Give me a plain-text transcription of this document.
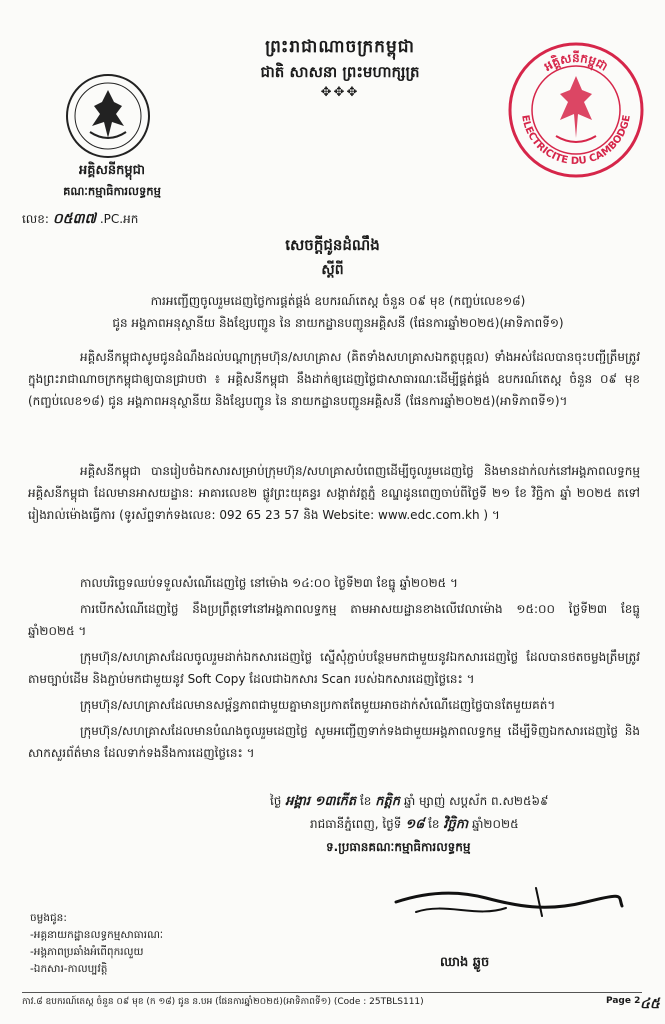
ព្រះរាជាណាចក្រកម្ពុជា
ជាតិ សាសនា ព្រះមហាក្សត្រ
✥✥✥
អគ្គិសនីកម្ពុជា
គណៈកម្មាធិការលទ្ធកម្ម
លេខ: ០៥៣៧ .PC.អក
អគ្គិសនីកម្ពុជា
ELECTRICITE DU CAMBODGE
សេចក្តីជូនដំណឹង
ស្តីពី
ការអញ្ជើញចូលរួមដេញថ្លៃការផ្គត់ផ្គង់ ឧបករណ៍តេស្ត ចំនួន ០៩ មុខ (កញ្ចប់លេខ១៨)
ជូន អង្គភាពអនុស្ថានីយ និងខ្សែបញ្ជូន នៃ នាយកដ្ឋានបញ្ជូនអគ្គិសនី (ផែនការឆ្នាំ២០២៥)(អាទិភាពទី១)
អគ្គិសនីកម្ពុជាសូមជូនដំណឹងដល់បណ្តាក្រុមហ៊ុន/សហគ្រាស (គិតទាំងសហគ្រាសឯកត្តបុគ្គល) ទាំងអស់ដែលបានចុះបញ្ជីត្រឹមត្រូវក្នុងព្រះរាជាណាចក្រកម្ពុជាឲ្យបានជ្រាបថា ៖ អគ្គិសនីកម្ពុជា នឹងដាក់ឲ្យដេញថ្លៃជាសាធារណៈដើម្បីផ្គត់ផ្គង់ ឧបករណ៍តេស្ត ចំនួន ០៩ មុខ (កញ្ចប់លេខ១៨) ជូន អង្គភាពអនុស្ថានីយ និងខ្សែបញ្ជូន នៃ នាយកដ្ឋានបញ្ជូនអគ្គិសនី (ផែនការឆ្នាំ២០២៥)(អាទិភាពទី១)។
អគ្គិសនីកម្ពុជា បានរៀបចំឯកសារសម្រាប់ក្រុមហ៊ុន/សហគ្រាសបំពេញដើម្បីចូលរួមដេញថ្លៃ និងមានដាក់លក់នៅអង្គភាពលទ្ធកម្មអគ្គិសនីកម្ពុជា ដែលមានអាសយដ្ឋាន: អាគារលេខ២ ផ្លូវព្រះយុគន្ធរ សង្កាត់វត្តភ្នំ ខណ្ឌដូនពេញចាប់ពីថ្ងៃទី ២១ ខែ វិច្ឆិកា ឆ្នាំ ២០២៥ តទៅរៀងរាល់ម៉ោងធ្វើការ (ទូរស័ព្ទទាក់ទងលេខ: 092 65 23 57 និង Website: www.edc.com.kh ) ។
កាលបរិច្ឆេទឈប់ទទួលសំណើដេញថ្លៃ នៅម៉ោង ១៤:០០ ថ្ងៃទី២៣ ខែធ្នូ ឆ្នាំ២០២៥ ។
ការបើកសំណើដេញថ្លៃ នឹងប្រព្រឹត្តទៅនៅអង្គភាពលទ្ធកម្ម តាមអាសយដ្ឋានខាងលើវេលាម៉ោង ១៥:០០ ថ្ងៃទី២៣ ខែធ្នូ ឆ្នាំ២០២៥ ។
ក្រុមហ៊ុន/សហគ្រាសដែលចូលរួមដាក់ឯកសារដេញថ្លៃ ស្នើសុំភ្ជាប់បន្ថែមមកជាមួយនូវឯកសារដេញថ្លៃ ដែលបានថតចម្លងត្រឹមត្រូវតាមច្បាប់ដើម និងភ្ជាប់មកជាមួយនូវ Soft Copy ដែលជាឯកសារ Scan របស់ឯកសារដេញថ្លៃនេះ ។
ក្រុមហ៊ុន/សហគ្រាសដែលមានសម្ព័ន្ធភាពជាមួយគ្នាមានប្រកាតតែមួយអាចដាក់សំណើដេញថ្លៃបានតែមួយគត់។
ក្រុមហ៊ុន/សហគ្រាសដែលមានបំណងចូលរួមដេញថ្លៃ សូមអញ្ជើញទាក់ទងជាមួយអង្គភាពលទ្ធកម្ម ដើម្បីទិញឯកសារដេញថ្លៃ និងសាកសួរព័ត៌មាន ដែលទាក់ទងនឹងការដេញថ្លៃនេះ ។
ថ្ងៃ អង្គារ ១៣កើត ខែ កត្តិក ឆ្នាំ ម្សាញ់ សប្តស័ក ព.ស២៥៦៩
រាជធានីភ្នំពេញ, ថ្ងៃទី ១៨ ខែ វិច្ឆិកា ឆ្នាំ២០២៥
ទ.ប្រធានគណៈកម្មាធិការលទ្ធកម្ម
ឈាង ឆ្លូច
ចម្លងជូន:
-អគ្គនាយកដ្ឋានលទ្ធកម្មសាធារណៈ
-អង្គភាពប្រឆាំងអំពើពុករលួយ
-ឯកសារ-កាលប្បវត្តិ
កាវ.៨ ឧបករណ៍តេស្ត ចំនួន ០៩ មុខ (ក ១៨) ជូន ន.បអ (ផែនការឆ្នាំ២០២៥)(អាទិភាពទី១) (Code : 25TBLS111)	Page 2 ៤៥
